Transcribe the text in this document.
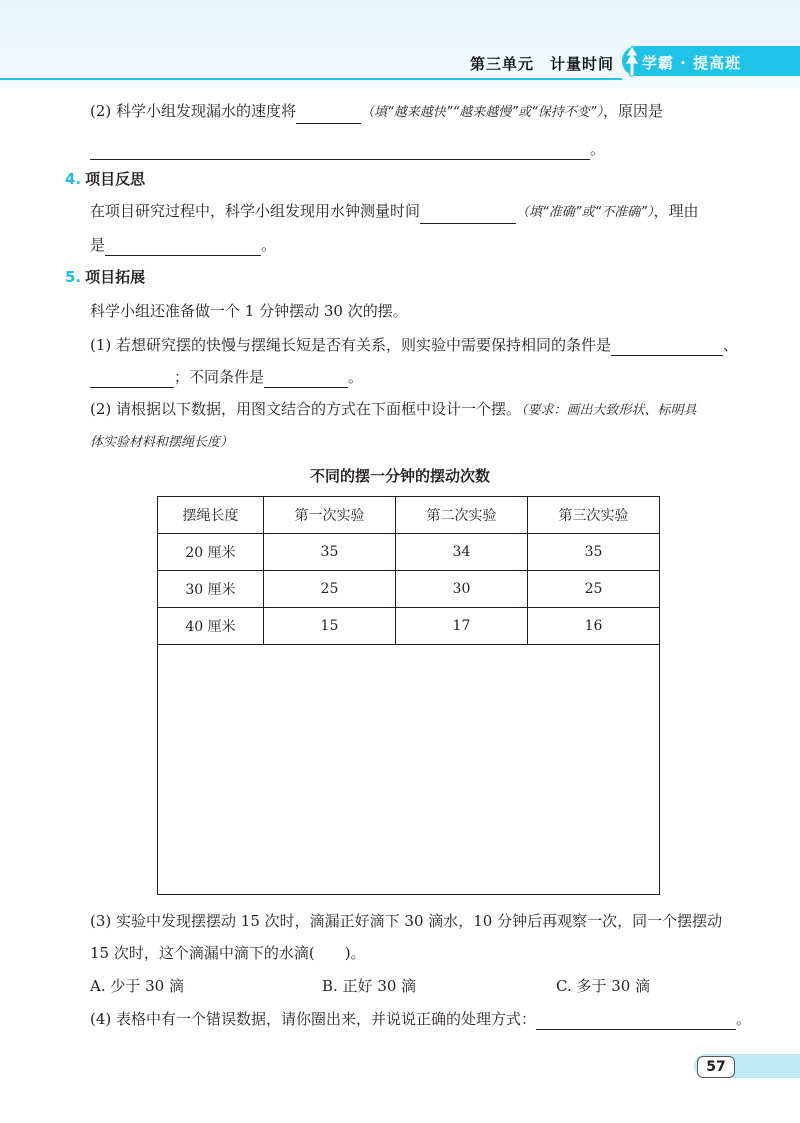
第三单元　计量时间 学霸 · 提高班
(2) 科学小组发现漏水的速度将	（填“越来越快”“越来越慢”或“保持不变”），原因是
。
4. 项目反思
在项目研究过程中，科学小组发现用水钟测量时间	（填“准确”或“不准确”），理由
是	。
5. 项目拓展
科学小组还准备做一个 1 分钟摆动 30 次的摆。
(1) 若想研究摆的快慢与摆绳长短是否有关系，则实验中需要保持相同的条件是	、
；不同条件是	。
(2) 请根据以下数据，用图文结合的方式在下面框中设计一个摆。（要求：画出大致形状、标明具
体实验材料和摆绳长度）
不同的摆一分钟的摆动次数
摆绳长度	第一次实验	第二次实验	第三次实验
20 厘米	35	34	35
30 厘米	25	30	25
40 厘米	15	17	16
(3) 实验中发现摆摆动 15 次时，滴漏正好滴下 30 滴水，10 分钟后再观察一次，同一个摆摆动
15 次时，这个滴漏中滴下的水滴(　　)。
A. 少于 30 滴	B. 正好 30 滴	C. 多于 30 滴
(4) 表格中有一个错误数据，请你圈出来，并说说正确的处理方式：	。
57
